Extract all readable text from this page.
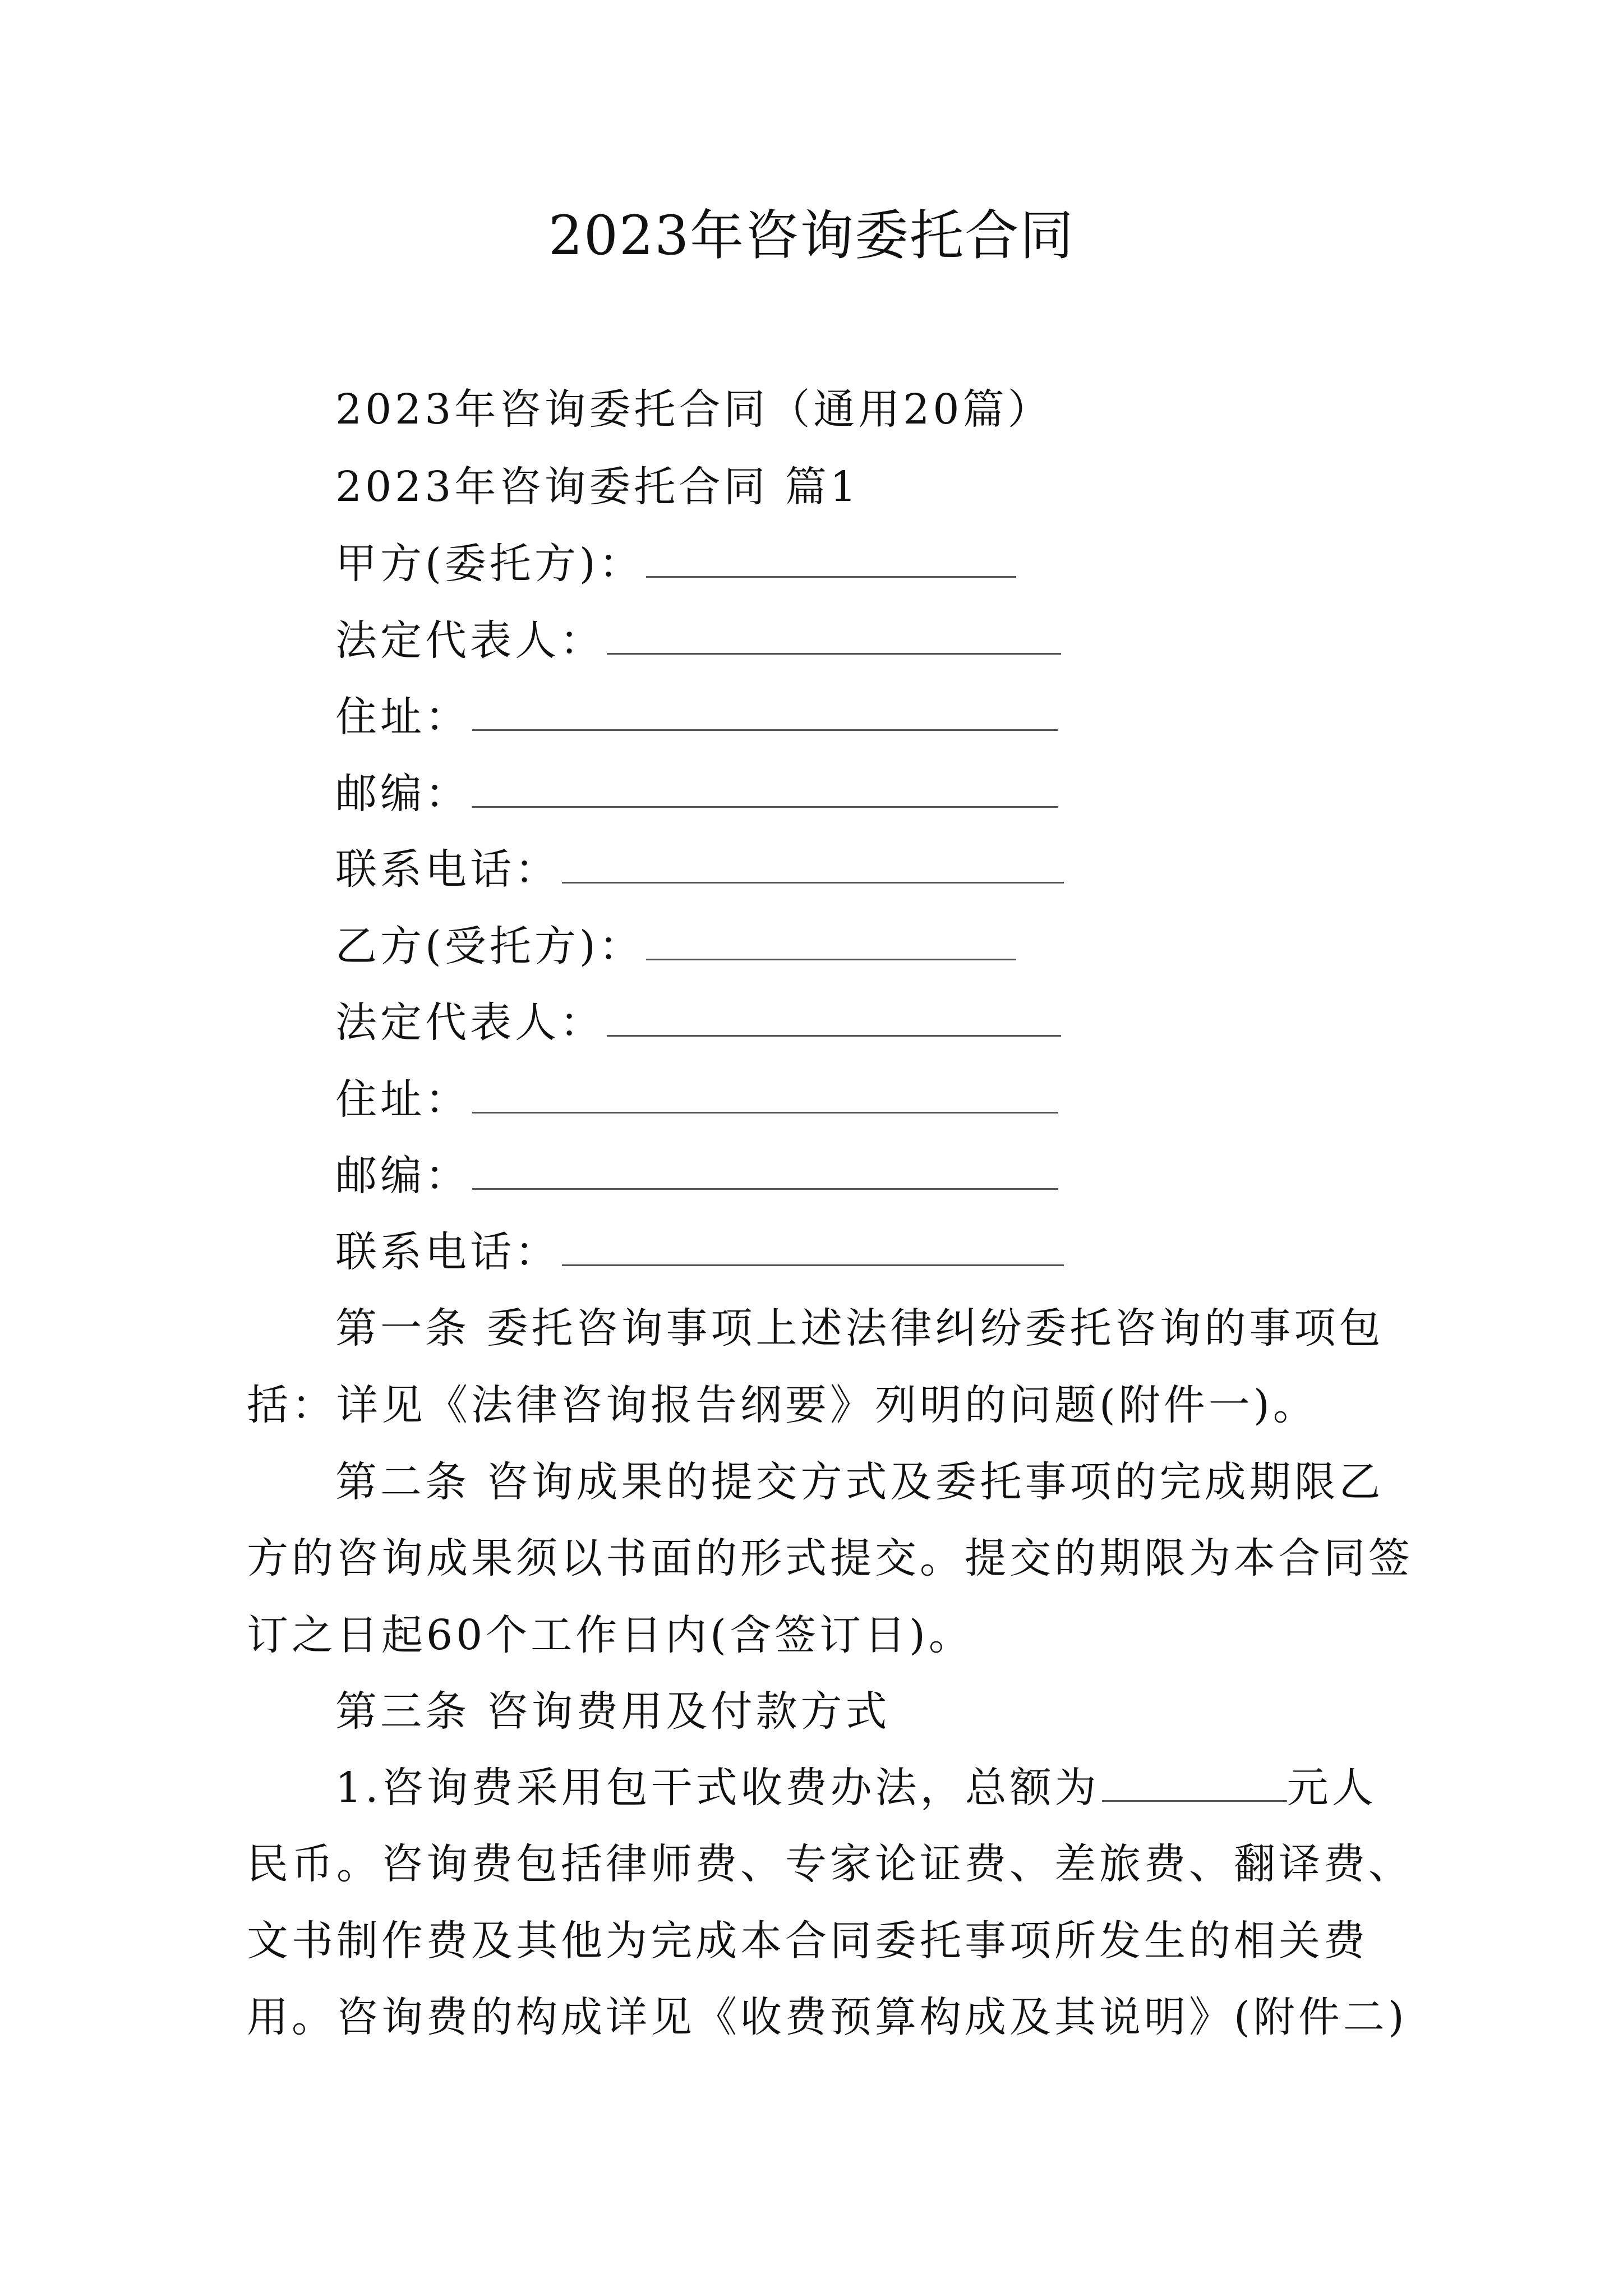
2023年咨询委托合同
2023年咨询委托合同（通用20篇）
2023年咨询委托合同 篇1
甲方(委托方)：
法定代表人：
住址：
邮编：
联系电话：
乙方(受托方)：
法定代表人：
住址：
邮编：
联系电话：
第一条 委托咨询事项上述法律纠纷委托咨询的事项包
括：详见《法律咨询报告纲要》列明的问题(附件一)。
第二条 咨询成果的提交方式及委托事项的完成期限乙
方的咨询成果须以书面的形式提交。提交的期限为本合同签
订之日起60个工作日内(含签订日)。
第三条 咨询费用及付款方式
1.咨询费采用包干式收费办法，总额为	元人
民币。咨询费包括律师费、专家论证费、差旅费、翻译费、
文书制作费及其他为完成本合同委托事项所发生的相关费
用。咨询费的构成详见《收费预算构成及其说明》(附件二)
